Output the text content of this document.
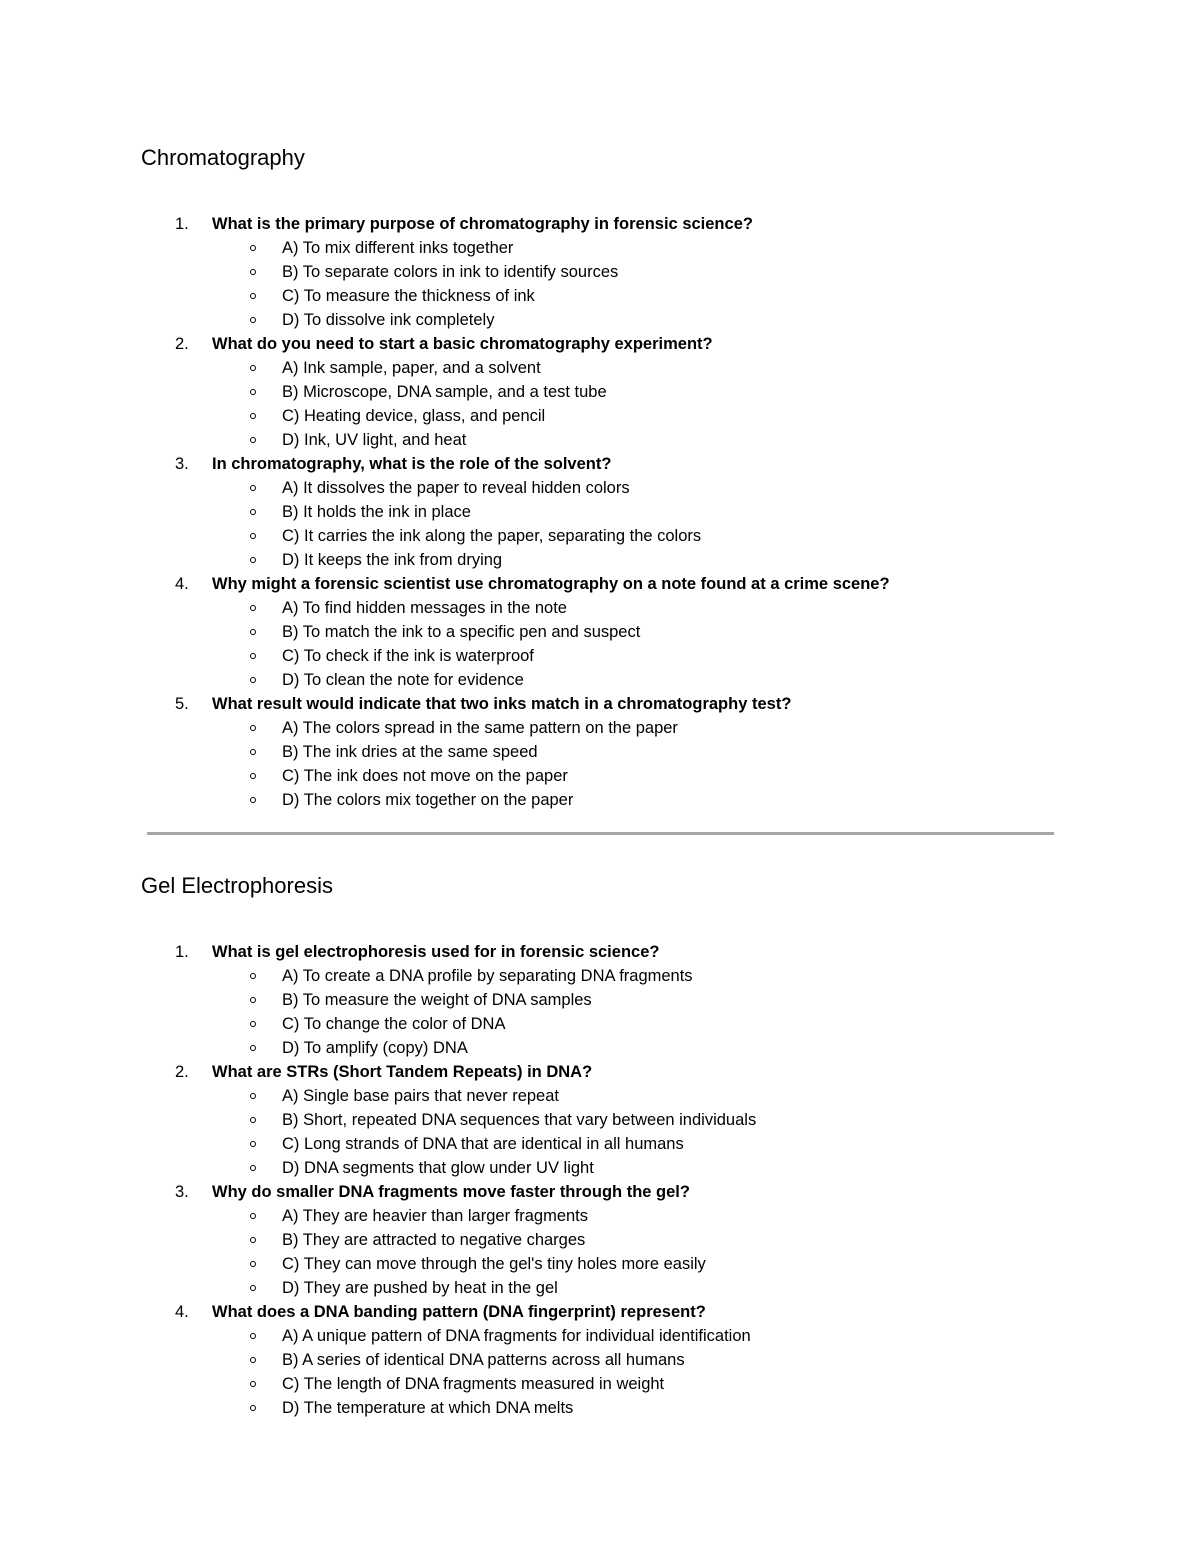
Chromatography
1. What is the primary purpose of chromatography in forensic science?
A) To mix different inks together
B) To separate colors in ink to identify sources
C) To measure the thickness of ink
D) To dissolve ink completely
2. What do you need to start a basic chromatography experiment?
A) Ink sample, paper, and a solvent
B) Microscope, DNA sample, and a test tube
C) Heating device, glass, and pencil
D) Ink, UV light, and heat
3. In chromatography, what is the role of the solvent?
A) It dissolves the paper to reveal hidden colors
B) It holds the ink in place
C) It carries the ink along the paper, separating the colors
D) It keeps the ink from drying
4. Why might a forensic scientist use chromatography on a note found at a crime scene?
A) To find hidden messages in the note
B) To match the ink to a specific pen and suspect
C) To check if the ink is waterproof
D) To clean the note for evidence
5. What result would indicate that two inks match in a chromatography test?
A) The colors spread in the same pattern on the paper
B) The ink dries at the same speed
C) The ink does not move on the paper
D) The colors mix together on the paper
Gel Electrophoresis
1. What is gel electrophoresis used for in forensic science?
A) To create a DNA profile by separating DNA fragments
B) To measure the weight of DNA samples
C) To change the color of DNA
D) To amplify (copy) DNA
2. What are STRs (Short Tandem Repeats) in DNA?
A) Single base pairs that never repeat
B) Short, repeated DNA sequences that vary between individuals
C) Long strands of DNA that are identical in all humans
D) DNA segments that glow under UV light
3. Why do smaller DNA fragments move faster through the gel?
A) They are heavier than larger fragments
B) They are attracted to negative charges
C) They can move through the gel's tiny holes more easily
D) They are pushed by heat in the gel
4. What does a DNA banding pattern (DNA fingerprint) represent?
A) A unique pattern of DNA fragments for individual identification
B) A series of identical DNA patterns across all humans
C) The length of DNA fragments measured in weight
D) The temperature at which DNA melts
